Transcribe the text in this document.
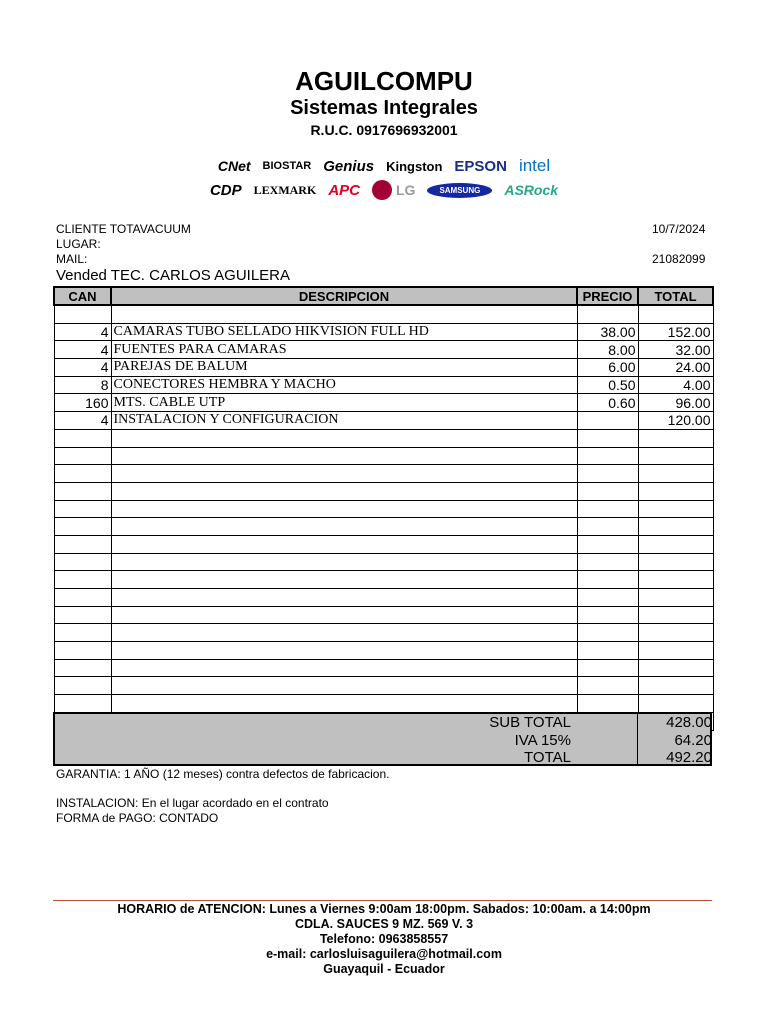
AGUILCOMPU
Sistemas Integrales
R.U.C. 0917696932001
CNet BIOSTAR Genius Kingston EPSON intel
CDP LEXMARK APC	LG	SAMSUNG	ASRock
CLIENTE TOTAVACUUM	10/7/2024
LUGAR:
MAIL:	21082099
Vended TEC. CARLOS AGUILERA
CAN	DESCRIPCION	PRECIO	TOTAL

4	CAMARAS TUBO SELLADO HIKVISION FULL HD	38.00	152.00
4	FUENTES PARA CAMARAS	8.00	32.00
4	PAREJAS DE BALUM	6.00	24.00
8	CONECTORES HEMBRA Y MACHO	0.50	4.00
160	MTS. CABLE UTP	0.60	96.00
4	INSTALACION Y CONFIGURACION		120.00

SUB TOTAL	428.00
IVA 15%	64.20
TOTAL	492.20
GARANTIA: 1 AÑO (12 meses) contra defectos de fabricacion.
INSTALACION: En el lugar acordado en el contrato
FORMA de PAGO: CONTADO
HORARIO de ATENCION: Lunes a Viernes 9:00am 18:00pm. Sabados: 10:00am. a 14:00pm
CDLA. SAUCES 9 MZ. 569 V. 3
Telefono: 0963858557
e-mail: carlosluisaguilera@hotmail.com
Guayaquil - Ecuador
